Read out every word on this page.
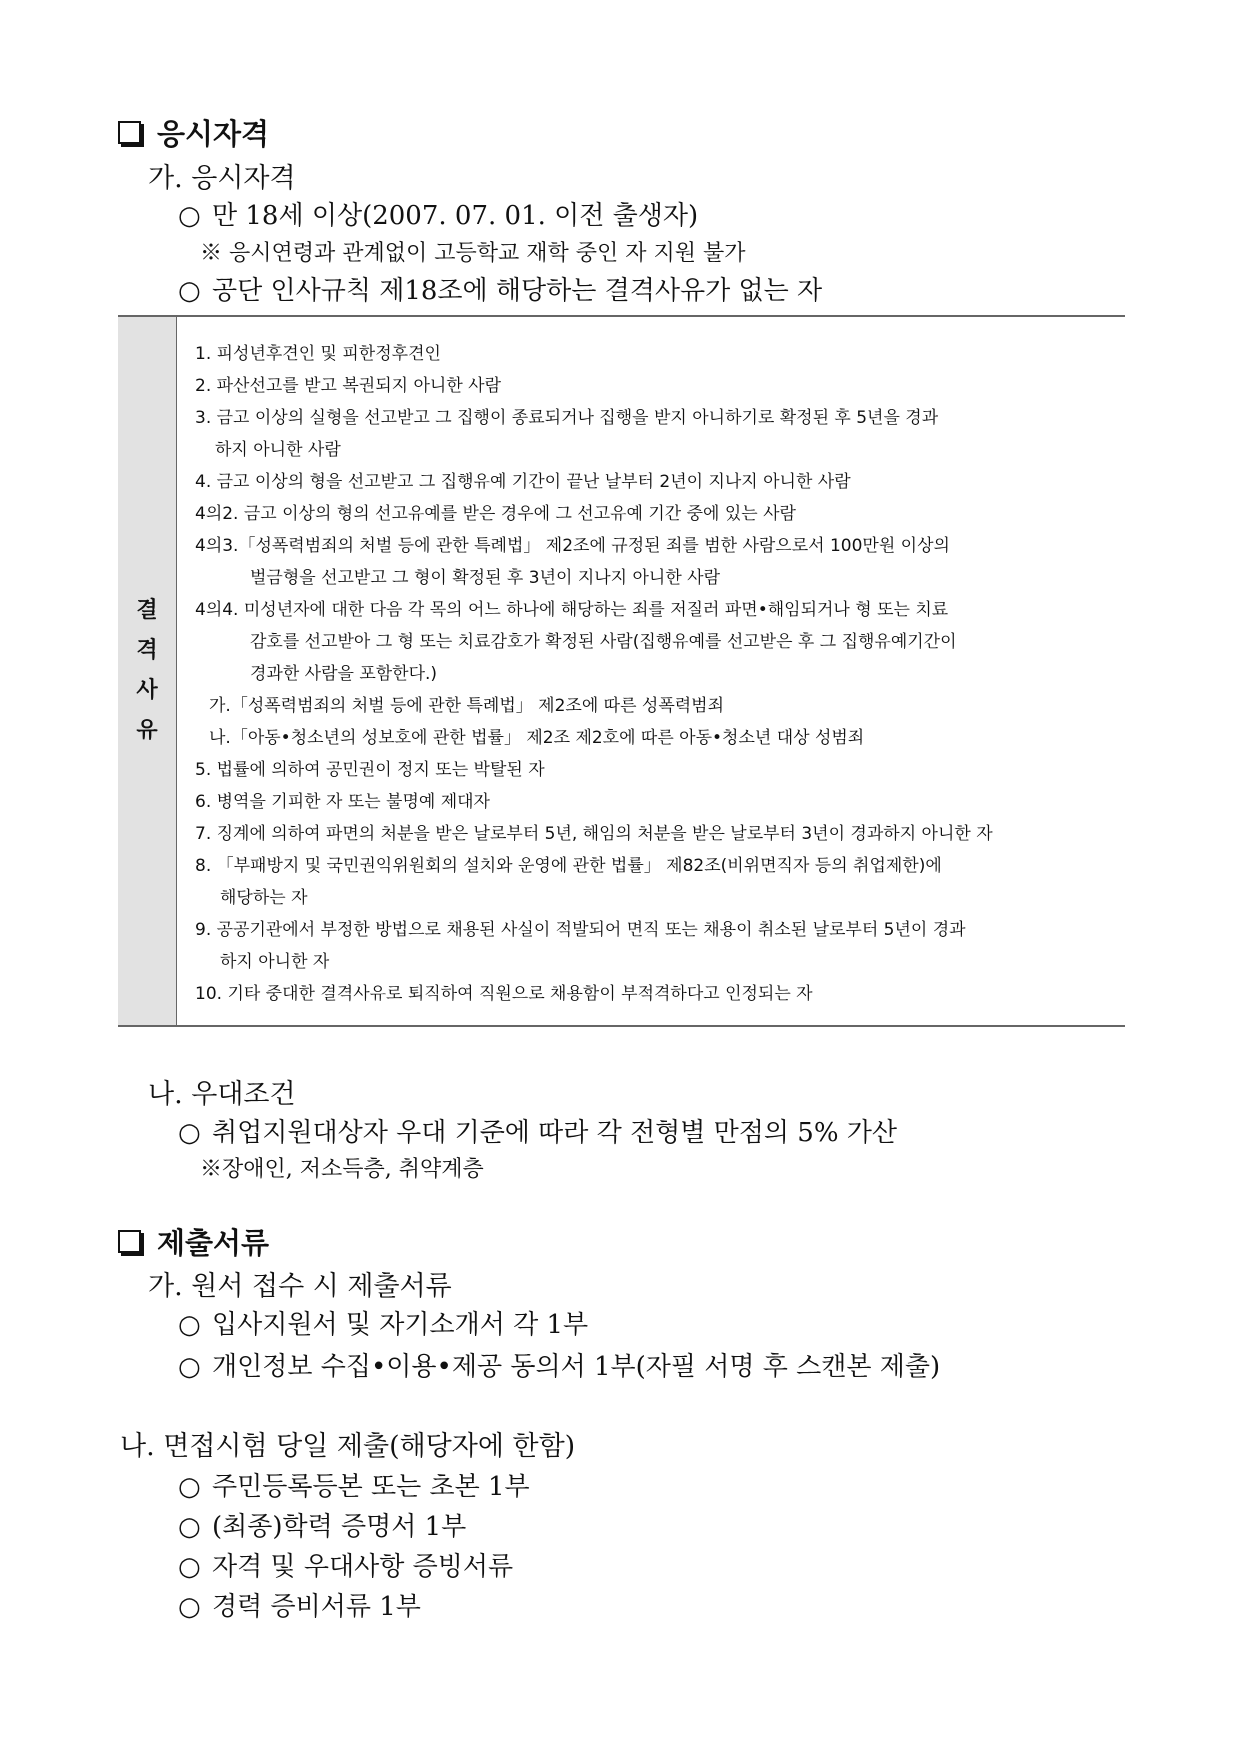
응시자격
가. 응시자격
○ 만 18세 이상(2007. 07. 01. 이전 출생자)
※ 응시연령과 관계없이 고등학교 재학 중인 자 지원 불가
○ 공단 인사규칙 제18조에 해당하는 결격사유가 없는 자
결
격
사
유
1. 피성년후견인 및 피한정후견인
2. 파산선고를 받고 복권되지 아니한 사람
3. 금고 이상의 실형을 선고받고 그 집행이 종료되거나 집행을 받지 아니하기로 확정된 후 5년을 경과
하지 아니한 사람
4. 금고 이상의 형을 선고받고 그 집행유예 기간이 끝난 날부터 2년이 지나지 아니한 사람
4의2. 금고 이상의 형의 선고유예를 받은 경우에 그 선고유예 기간 중에 있는 사람
4의3.「성폭력범죄의 처벌 등에 관한 특례법」 제2조에 규정된 죄를 범한 사람으로서 100만원 이상의
벌금형을 선고받고 그 형이 확정된 후 3년이 지나지 아니한 사람
4의4. 미성년자에 대한 다음 각 목의 어느 하나에 해당하는 죄를 저질러 파면•해임되거나 형 또는 치료
감호를 선고받아 그 형 또는 치료감호가 확정된 사람(집행유예를 선고받은 후 그 집행유예기간이
경과한 사람을 포함한다.)
가.「성폭력범죄의 처벌 등에 관한 특례법」 제2조에 따른 성폭력범죄
나.「아동•청소년의 성보호에 관한 법률」 제2조 제2호에 따른 아동•청소년 대상 성범죄
5. 법률에 의하여 공민권이 정지 또는 박탈된 자
6. 병역을 기피한 자 또는 불명예 제대자
7. 징계에 의하여 파면의 처분을 받은 날로부터 5년, 해임의 처분을 받은 날로부터 3년이 경과하지 아니한 자
8. 「부패방지 및 국민권익위원회의 설치와 운영에 관한 법률」 제82조(비위면직자 등의 취업제한)에
해당하는 자
9. 공공기관에서 부정한 방법으로 채용된 사실이 적발되어 면직 또는 채용이 취소된 날로부터 5년이 경과
하지 아니한 자
10. 기타 중대한 결격사유로 퇴직하여 직원으로 채용함이 부적격하다고 인정되는 자
나. 우대조건
○ 취업지원대상자 우대 기준에 따라 각 전형별 만점의 5% 가산
※장애인, 저소득층, 취약계층
제출서류
가. 원서 접수 시 제출서류
○ 입사지원서 및 자기소개서 각 1부
○ 개인정보 수집•이용•제공 동의서 1부(자필 서명 후 스캔본 제출)
나. 면접시험 당일 제출(해당자에 한함)
○ 주민등록등본 또는 초본 1부
○ (최종)학력 증명서 1부
○ 자격 및 우대사항 증빙서류
○ 경력 증비서류 1부
